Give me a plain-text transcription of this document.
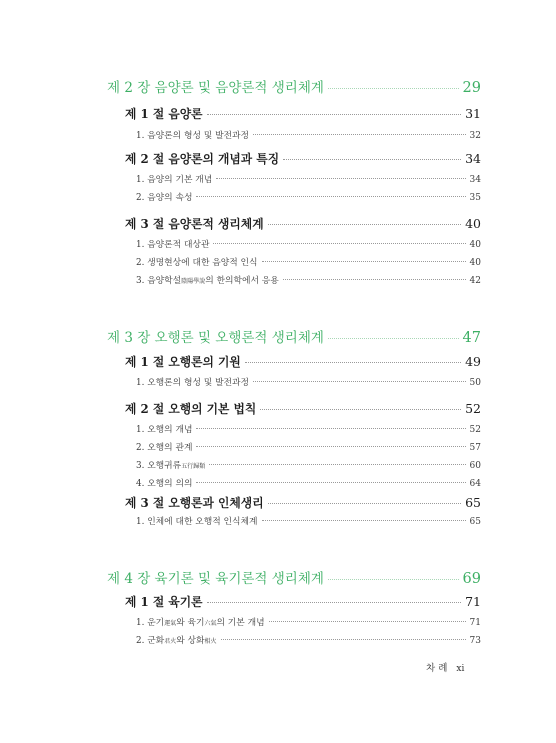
제 2 장 음양론 및 음양론적 생리체계	29
제 1 절 음양론	31
1. 음양론의 형성 및 발전과정	32
제 2 절 음양론의 개념과 특징	34
1. 음양의 기본 개념	34
2. 음양의 속성	35
제 3 절 음양론적 생리체계	40
1. 음양론적 대상관	40
2. 생명현상에 대한 음양적 인식	40
3. 음양학설陰陽學說의 한의학에서 응용	42
제 3 장 오행론 및 오행론적 생리체계	47
제 1 절 오행론의 기원	49
1. 오행론의 형성 및 발전과정	50
제 2 절 오행의 기본 법칙	52
1. 오행의 개념	52
2. 오행의 관계	57
3. 오행귀류五行歸類	60
4. 오행의 의의	64
제 3 절 오행론과 인체생리	65
1. 인체에 대한 오행적 인식체계	65
제 4 장 육기론 및 육기론적 생리체계	69
제 1 절 육기론	71
1. 운기運氣와 육기六氣의 기본 개념	71
2. 군화君火와 상화相火	73
차 례 xi
